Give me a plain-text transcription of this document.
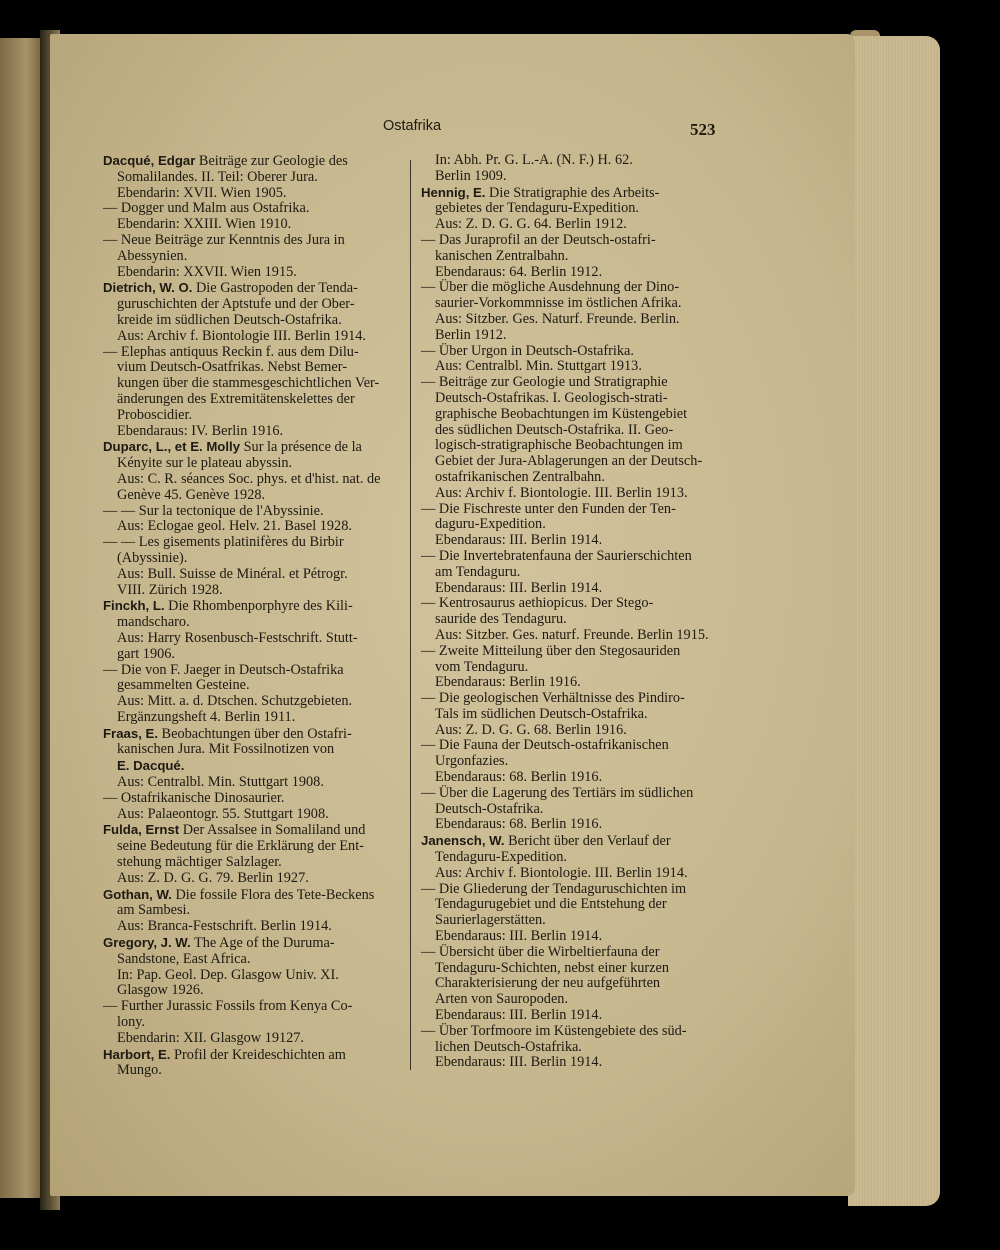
Ostafrika	523
Dacqué, Edgar Beiträge zur Geologie des
Somalilandes. II. Teil: Oberer Jura.
Ebendarin: XVII. Wien 1905.
— Dogger und Malm aus Ostafrika.
Ebendarin: XXIII. Wien 1910.
— Neue Beiträge zur Kenntnis des Jura in
Abessynien.
Ebendarin: XXVII. Wien 1915.
Dietrich, W. O. Die Gastropoden der Tenda-
guruschichten der Aptstufe und der Ober-
kreide im südlichen Deutsch-Ostafrika.
Aus: Archiv f. Biontologie III. Berlin 1914.
— Elephas antiquus Reckin f. aus dem Dilu-
vium Deutsch-Osatfrikas. Nebst Bemer-
kungen über die stammesgeschichtlichen Ver-
änderungen des Extremitätenskelettes der
Proboscidier.
Ebendaraus: IV. Berlin 1916.
Duparc, L., et E. Molly Sur la présence de la
Kényite sur le plateau abyssin.
Aus: C. R. séances Soc. phys. et d'hist. nat. de
Genève 45. Genève 1928.
— — Sur la tectonique de l'Abyssinie.
Aus: Eclogae geol. Helv. 21. Basel 1928.
— — Les gisements platinifères du Birbir
(Abyssinie).
Aus: Bull. Suisse de Minéral. et Pétrogr.
VIII. Zürich 1928.
Finckh, L. Die Rhombenporphyre des Kili-
mandscharo.
Aus: Harry Rosenbusch-Festschrift. Stutt-
gart 1906.
— Die von F. Jaeger in Deutsch-Ostafrika
gesammelten Gesteine.
Aus: Mitt. a. d. Dtschen. Schutzgebieten.
Ergänzungsheft 4. Berlin 1911.
Fraas, E. Beobachtungen über den Ostafri-
kanischen Jura. Mit Fossilnotizen von
E. Dacqué.
Aus: Centralbl. Min. Stuttgart 1908.
— Ostafrikanische Dinosaurier.
Aus: Palaeontogr. 55. Stuttgart 1908.
Fulda, Ernst Der Assalsee in Somaliland und
seine Bedeutung für die Erklärung der Ent-
stehung mächtiger Salzlager.
Aus: Z. D. G. G. 79. Berlin 1927.
Gothan, W. Die fossile Flora des Tete-Beckens
am Sambesi.
Aus: Branca-Festschrift. Berlin 1914.
Gregory, J. W. The Age of the Duruma-
Sandstone, East Africa.
In: Pap. Geol. Dep. Glasgow Univ. XI.
Glasgow 1926.
— Further Jurassic Fossils from Kenya Co-
lony.
Ebendarin: XII. Glasgow 19127.
Harbort, E. Profil der Kreideschichten am
Mungo.
In: Abh. Pr. G. L.-A. (N. F.) H. 62.
Berlin 1909.
Hennig, E. Die Stratigraphie des Arbeits-
gebietes der Tendaguru-Expedition.
Aus: Z. D. G. G. 64. Berlin 1912.
— Das Juraprofil an der Deutsch-ostafri-
kanischen Zentralbahn.
Ebendaraus: 64. Berlin 1912.
— Über die mögliche Ausdehnung der Dino-
saurier-Vorkommnisse im östlichen Afrika.
Aus: Sitzber. Ges. Naturf. Freunde. Berlin.
Berlin 1912.
— Über Urgon in Deutsch-Ostafrika.
Aus: Centralbl. Min. Stuttgart 1913.
— Beiträge zur Geologie und Stratigraphie
Deutsch-Ostafrikas. I. Geologisch-strati-
graphische Beobachtungen im Küstengebiet
des südlichen Deutsch-Ostafrika. II. Geo-
logisch-stratigraphische Beobachtungen im
Gebiet der Jura-Ablagerungen an der Deutsch-
ostafrikanischen Zentralbahn.
Aus: Archiv f. Biontologie. III. Berlin 1913.
— Die Fischreste unter den Funden der Ten-
daguru-Expedition.
Ebendaraus: III. Berlin 1914.
— Die Invertebratenfauna der Saurierschichten
am Tendaguru.
Ebendaraus: III. Berlin 1914.
— Kentrosaurus aethiopicus. Der Stego-
sauride des Tendaguru.
Aus: Sitzber. Ges. naturf. Freunde. Berlin 1915.
— Zweite Mitteilung über den Stegosauriden
vom Tendaguru.
Ebendaraus: Berlin 1916.
— Die geologischen Verhältnisse des Pindiro-
Tals im südlichen Deutsch-Ostafrika.
Aus: Z. D. G. G. 68. Berlin 1916.
— Die Fauna der Deutsch-ostafrikanischen
Urgonfazies.
Ebendaraus: 68. Berlin 1916.
— Über die Lagerung des Tertiärs im südlichen
Deutsch-Ostafrika.
Ebendaraus: 68. Berlin 1916.
Janensch, W. Bericht über den Verlauf der
Tendaguru-Expedition.
Aus: Archiv f. Biontologie. III. Berlin 1914.
— Die Gliederung der Tendaguruschichten im
Tendagurugebiet und die Entstehung der
Saurierlagerstätten.
Ebendaraus: III. Berlin 1914.
— Übersicht über die Wirbeltierfauna der
Tendaguru-Schichten, nebst einer kurzen
Charakterisierung der neu aufgeführten
Arten von Sauropoden.
Ebendaraus: III. Berlin 1914.
— Über Torfmoore im Küstengebiete des süd-
lichen Deutsch-Ostafrika.
Ebendaraus: III. Berlin 1914.
